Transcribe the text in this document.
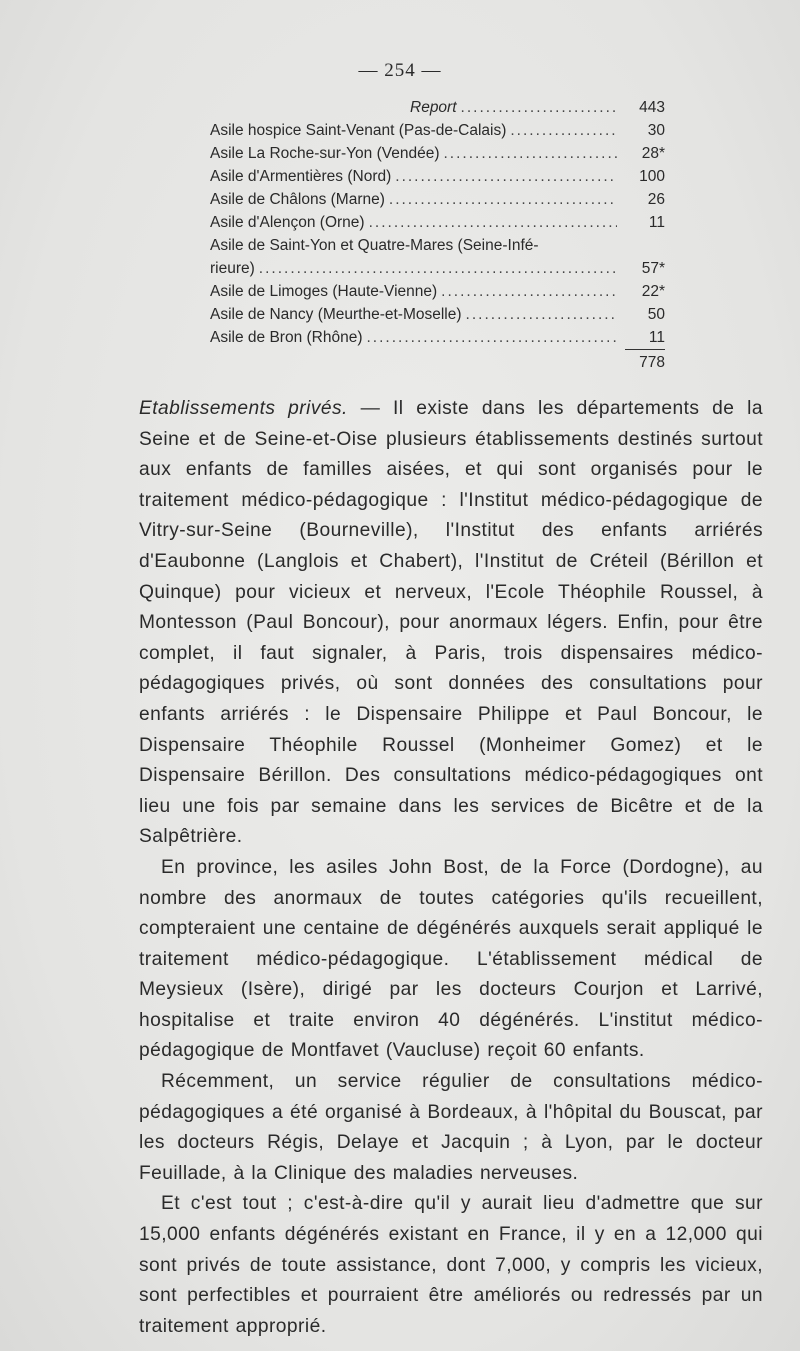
— 254 —
Report .....	443
Asile hospice Saint-Venant (Pas-de-Calais) .....	30
Asile La Roche-sur-Yon (Vendée) .....	28*
Asile d'Armentières (Nord) .....	100
Asile de Châlons (Marne) .....	26
Asile d'Alençon (Orne) .....	11
Asile de Saint-Yon et Quatre-Mares (Seine-Infé-
rieure) .....	57*
Asile de Limoges (Haute-Vienne) .....	22*
Asile de Nancy (Meurthe-et-Moselle) .....	50
Asile de Bron (Rhône) .....	11
778

Etablissements privés. — Il existe dans les départements de la Seine et de Seine-et-Oise plusieurs établissements destinés surtout aux enfants de familles aisées, et qui sont organisés pour le traitement médico-pédagogique : l'Institut médico-pédagogique de Vitry-sur-Seine (Bourneville), l'Institut des enfants arriérés d'Eaubonne (Langlois et Chabert), l'Institut de Créteil (Bérillon et Quinque) pour vicieux et nerveux, l'Ecole Théophile Roussel, à Montesson (Paul Boncour), pour anormaux légers. Enfin, pour être complet, il faut signaler, à Paris, trois dispensaires médico-pédagogiques privés, où sont données des consultations pour enfants arriérés : le Dispensaire Philippe et Paul Boncour, le Dispensaire Théophile Roussel (Monheimer Gomez) et le Dispensaire Bérillon. Des consultations médico-pédagogiques ont lieu une fois par semaine dans les services de Bicêtre et de la Salpêtrière.

En province, les asiles John Bost, de la Force (Dordogne), au nombre des anormaux de toutes catégories qu'ils recueillent, compteraient une centaine de dégénérés auxquels serait appliqué le traitement médico-pédagogique. L'établissement médical de Meysieux (Isère), dirigé par les docteurs Courjon et Larrivé, hospitalise et traite environ 40 dégénérés. L'institut médico-pédagogique de Montfavet (Vaucluse) reçoit 60 enfants.

Récemment, un service régulier de consultations médico-pédagogiques a été organisé à Bordeaux, à l'hôpital du Bouscat, par les docteurs Régis, Delaye et Jacquin ; à Lyon, par le docteur Feuillade, à la Clinique des maladies nerveuses.

Et c'est tout ; c'est-à-dire qu'il y aurait lieu d'admettre que sur 15,000 enfants dégénérés existant en France, il y en a 12,000 qui sont privés de toute assistance, dont 7,000, y compris les vicieux, sont perfectibles et pourraient être améliorés ou redressés par un traitement approprié.
